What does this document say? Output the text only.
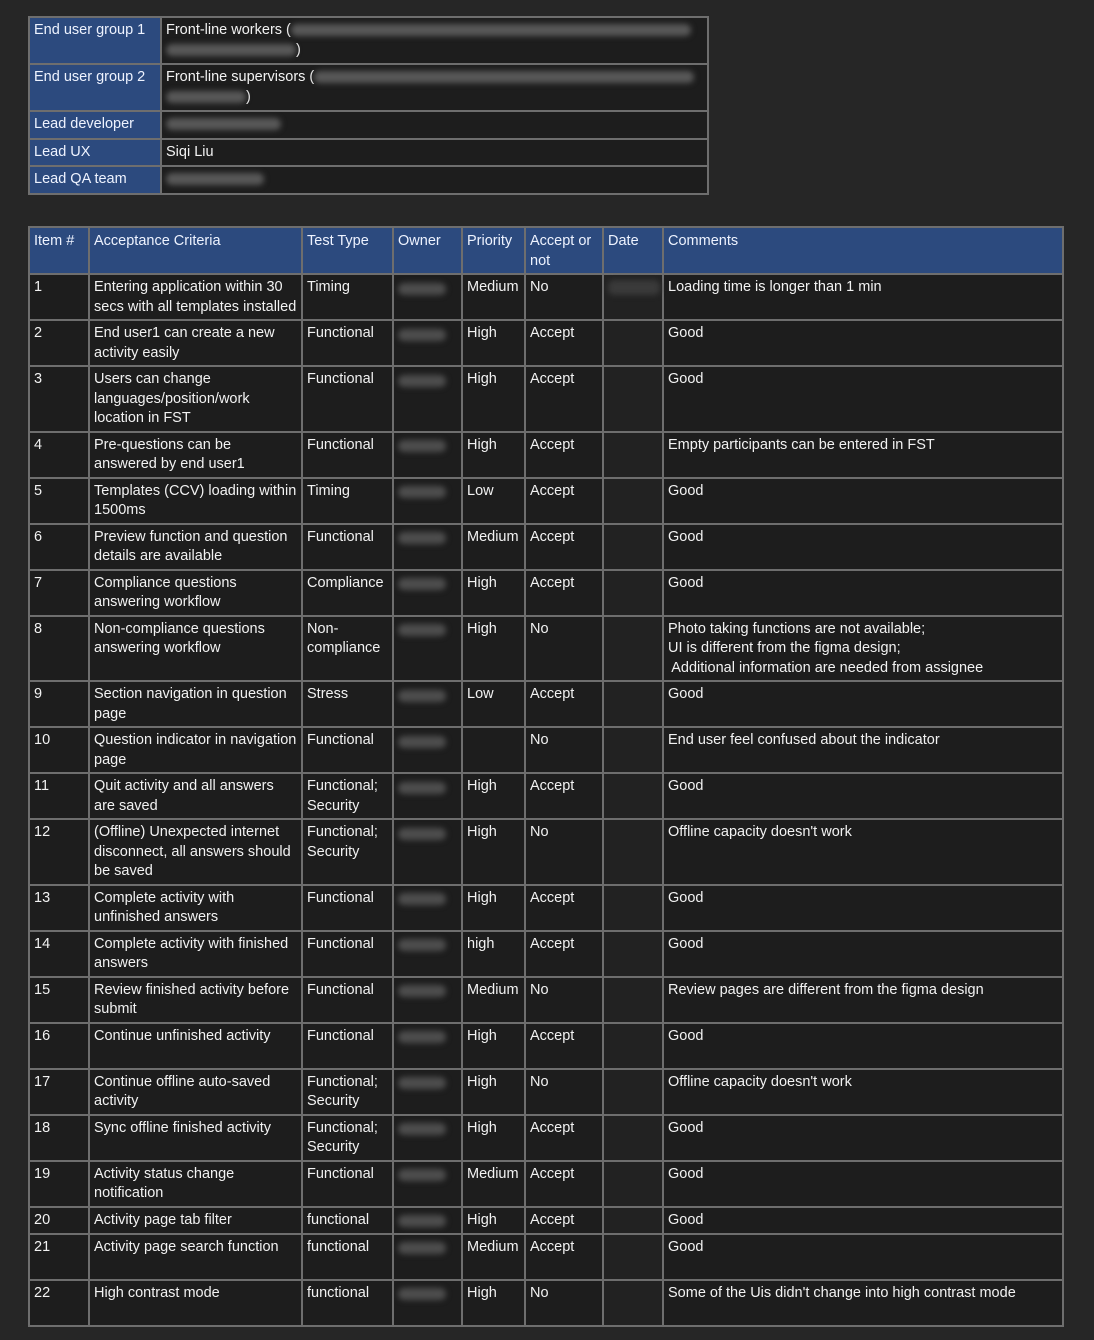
End user group 1	Front-line workers ()
End user group 2	Front-line supervisors ()
Lead developer	
Lead UX	Siqi Liu
Lead QA team	
Item #	Acceptance Criteria	Test Type	Owner	Priority	Accept or not	Date	Comments
1	Entering application within 30 secs with all templates installed	Timing		Medium	No		Loading time is longer than 1 min

2	End user1 can create a new activity easily	Functional		High	Accept		Good

3	Users can change languages/position/work location in FST	Functional		High	Accept		Good

4	Pre-questions can be answered by end user1	Functional		High	Accept		Empty participants can be entered in FST

5	Templates (CCV) loading within 1500ms	Timing		Low	Accept		Good

6	Preview function and question details are available	Functional		Medium	Accept		Good

7	Compliance questions answering workflow	Compliance		High	Accept		Good

8	Non-compliance questions answering workflow	Non-compliance		High	No		Photo taking functions are not available;
UI is different from the figma design;
Additional information are needed from assignee

9	Section navigation in question page	Stress		Low	Accept		Good

10	Question indicator in navigation page	Functional			No		End user feel confused about the indicator

11	Quit activity and all answers are saved	Functional; Security		High	Accept		Good

12	(Offline) Unexpected internet disconnect, all answers should be saved	Functional; Security		High	No		Offline capacity doesn't work

13	Complete activity with unfinished answers	Functional		High	Accept		Good

14	Complete activity with finished answers	Functional		high	Accept		Good

15	Review finished activity before submit	Functional		Medium	No		Review pages are different from the figma design

16	Continue unfinished activity	Functional		High	Accept		Good

17	Continue offline auto-saved activity	Functional; Security		High	No		Offline capacity doesn't work

18	Sync offline finished activity	Functional; Security		High	Accept		Good

19	Activity status change notification	Functional		Medium	Accept		Good

20	Activity page tab filter	functional		High	Accept		Good

21	Activity page search function	functional		Medium	Accept		Good

22	High contrast mode	functional		High	No		Some of the Uis didn't change into high contrast mode
